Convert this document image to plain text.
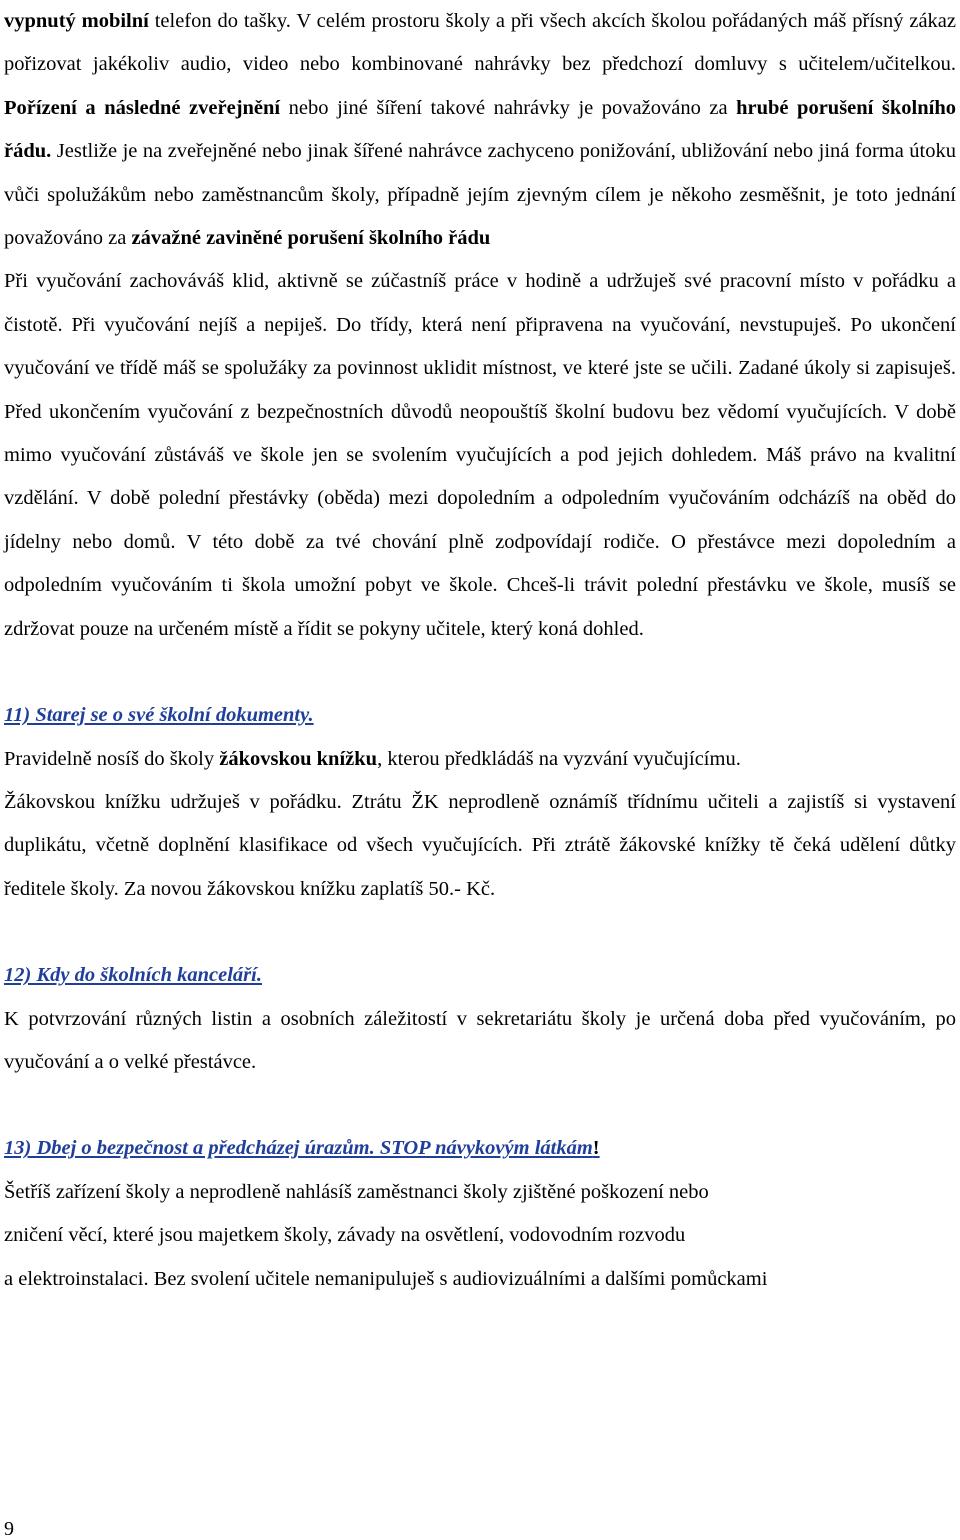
vypnutý mobilní telefon do tašky. V celém prostoru školy a při všech akcích školou pořádaných máš přísný zákaz pořizovat jakékoliv audio, video nebo kombinované nahrávky bez předchozí domluvy s učitelem/učitelkou. Pořízení a následné zveřejnění nebo jiné šíření takové nahrávky je považováno za hrubé porušení školního řádu. Jestliže je na zveřejněné nebo jinak šířené nahrávce zachyceno ponižování, ubližování nebo jiná forma útoku vůči spolužákům nebo zaměstnancům školy, případně jejím zjevným cílem je někoho zesměšnit, je toto jednání považováno za závažné zaviněné porušení školního řádu

Při vyučování zachováváš klid, aktivně se zúčastníš práce v hodině a udržuješ své pracovní místo v pořádku a čistotě. Při vyučování nejíš a nepiješ. Do třídy, která není připravena na vyučování, nevstupuješ. Po ukončení vyučování ve třídě máš se spolužáky za povinnost uklidit místnost, ve které jste se učili. Zadané úkoly si zapisuješ. Před ukončením vyučování z bezpečnostních důvodů neopouštíš školní budovu bez vědomí vyučujících. V době mimo vyučování zůstáváš ve škole jen se svolením vyučujících a pod jejich dohledem. Máš právo na kvalitní vzdělání. V době polední přestávky (oběda) mezi dopoledním a odpoledním vyučováním odcházíš na oběd do jídelny nebo domů. V této době za tvé chování plně zodpovídají rodiče. O přestávce mezi dopoledním a odpoledním vyučováním ti škola umožní pobyt ve škole. Chceš-li trávit polední přestávku ve škole, musíš se zdržovat pouze na určeném místě a řídit se pokyny učitele, který koná dohled.

11) Starej se o své školní dokumenty.

Pravidelně nosíš do školy žákovskou knížku, kterou předkládáš na vyzvání vyučujícímu.

Žákovskou knížku udržuješ v pořádku. Ztrátu ŽK neprodleně oznámíš třídnímu učiteli a zajistíš si vystavení duplikátu, včetně doplnění klasifikace od všech vyučujících. Při ztrátě žákovské knížky tě čeká udělení důtky ředitele školy. Za novou žákovskou knížku zaplatíš 50.- Kč.

12) Kdy do školních kanceláří.

K potvrzování různých listin a osobních záležitostí v sekretariátu školy je určená doba před vyučováním, po vyučování a o velké přestávce.

13) Dbej o bezpečnost a předcházej úrazům. STOP návykovým látkám!

Šetříš zařízení školy a neprodleně nahlásíš zaměstnanci školy zjištěné poškození nebo
zničení věcí, které jsou majetkem školy, závady na osvětlení, vodovodním rozvodu
a elektroinstalaci. Bez svolení učitele nemanipuluješ s audiovizuálními a dalšími pomůckami

9
